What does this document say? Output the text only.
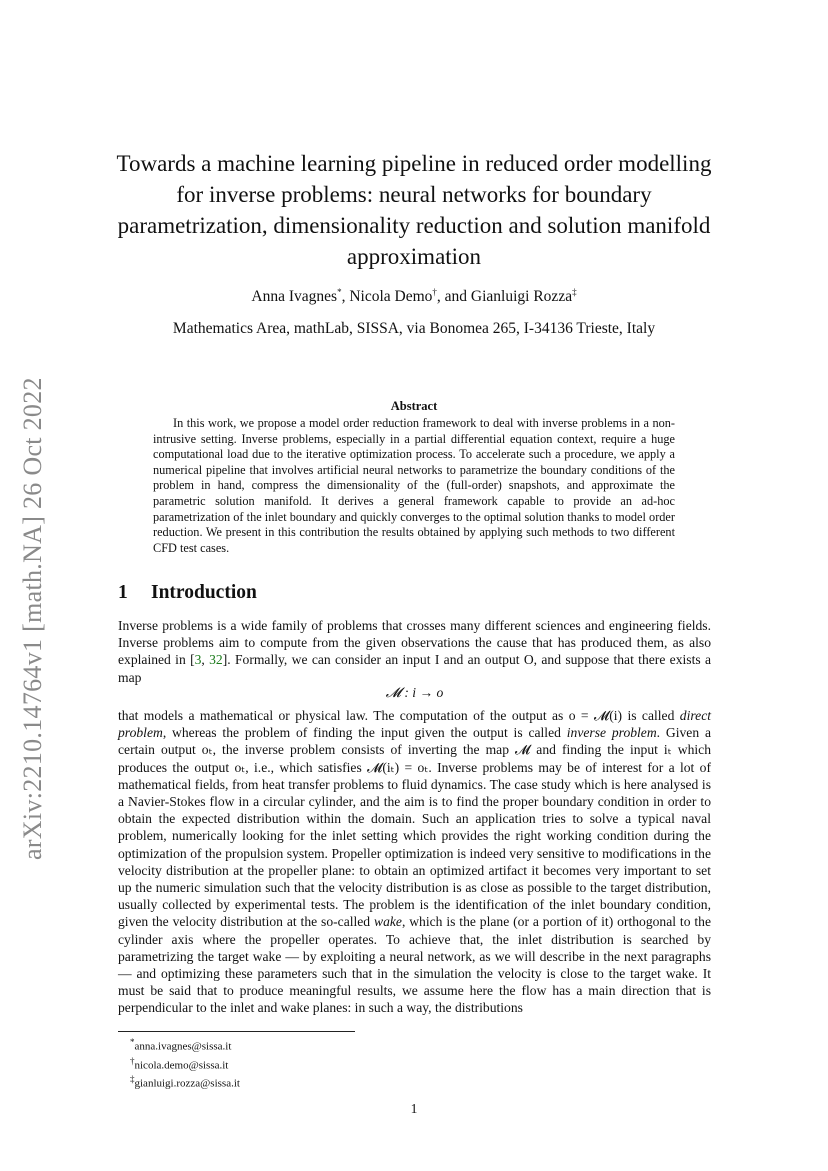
arXiv:2210.14764v1 [math.NA] 26 Oct 2022
Towards a machine learning pipeline in reduced order modelling for inverse problems: neural networks for boundary parametrization, dimensionality reduction and solution manifold approximation
Anna Ivagnes*, Nicola Demo†, and Gianluigi Rozza‡
Mathematics Area, mathLab, SISSA, via Bonomea 265, I-34136 Trieste, Italy
Abstract
In this work, we propose a model order reduction framework to deal with inverse problems in a non-intrusive setting. Inverse problems, especially in a partial differential equation context, require a huge computational load due to the iterative optimization process. To accelerate such a procedure, we apply a numerical pipeline that involves artificial neural networks to parametrize the boundary conditions of the problem in hand, compress the dimensionality of the (full-order) snapshots, and approximate the parametric solution manifold. It derives a general framework capable to provide an ad-hoc parametrization of the inlet boundary and quickly converges to the optimal solution thanks to model order reduction. We present in this contribution the results obtained by applying such methods to two different CFD test cases.
1 Introduction
Inverse problems is a wide family of problems that crosses many different sciences and engineering fields. Inverse problems aim to compute from the given observations the cause that has produced them, as also explained in [3, 32]. Formally, we can consider an input I and an output O, and suppose that there exists a map
𝓜 : i → o
that models a mathematical or physical law. The computation of the output as o = 𝓜(i) is called direct problem, whereas the problem of finding the input given the output is called inverse problem. Given a certain output oₜ, the inverse problem consists of inverting the map 𝓜 and finding the input iₜ which produces the output oₜ, i.e., which satisfies 𝓜(iₜ) = oₜ. Inverse problems may be of interest for a lot of mathematical fields, from heat transfer problems to fluid dynamics. The case study which is here analysed is a Navier-Stokes flow in a circular cylinder, and the aim is to find the proper boundary condition in order to obtain the expected distribution within the domain. Such an application tries to solve a typical naval problem, numerically looking for the inlet setting which provides the right working condition during the optimization of the propulsion system. Propeller optimization is indeed very sensitive to modifications in the velocity distribution at the propeller plane: to obtain an optimized artifact it becomes very important to set up the numeric simulation such that the velocity distribution is as close as possible to the target distribution, usually collected by experimental tests. The problem is the identification of the inlet boundary condition, given the velocity distribution at the so-called wake, which is the plane (or a portion of it) orthogonal to the cylinder axis where the propeller operates. To achieve that, the inlet distribution is searched by parametrizing the target wake — by exploiting a neural network, as we will describe in the next paragraphs — and optimizing these parameters such that in the simulation the velocity is close to the target wake. It must be said that to produce meaningful results, we assume here the flow has a main direction that is perpendicular to the inlet and wake planes: in such a way, the distributions
*anna.ivagnes@sissa.it
†nicola.demo@sissa.it
‡gianluigi.rozza@sissa.it
1
